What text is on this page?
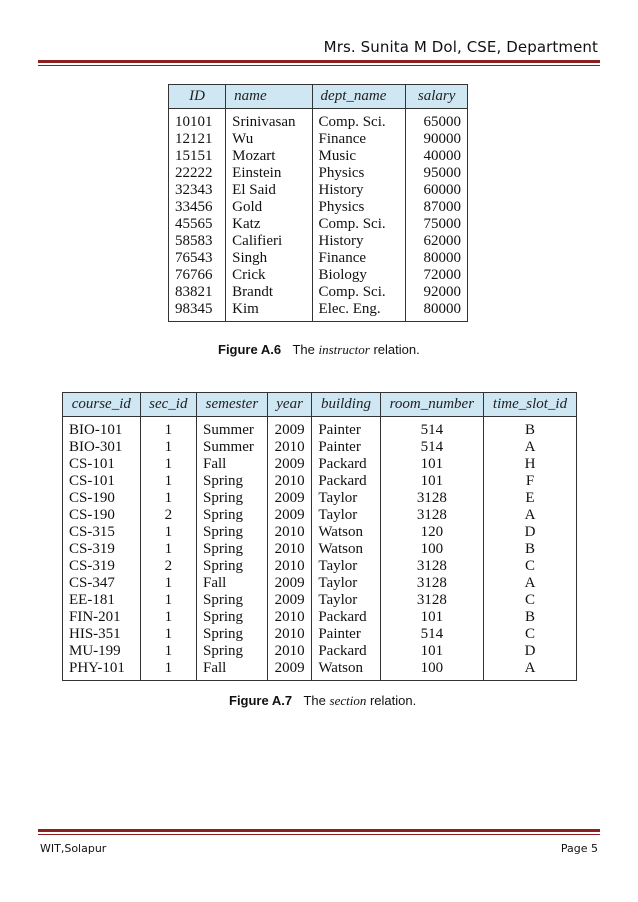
Mrs. Sunita M Dol, CSE, Department
ID	name	dept_name	salary

10101	Srinivasan	Comp. Sci.	65000
12121	Wu	Finance	90000
15151	Mozart	Music	40000
22222	Einstein	Physics	95000
32343	El Said	History	60000
33456	Gold	Physics	87000
45565	Katz	Comp. Sci.	75000
58583	Califieri	History	62000
76543	Singh	Finance	80000
76766	Crick	Biology	72000
83821	Brandt	Comp. Sci.	92000
98345	Kim	Elec. Eng.	80000
Figure A.6 The instructor relation.
course_id	sec_id	semester	year	building	room_number	time_slot_id

BIO-101	1	Summer	2009	Painter	514	B
BIO-301	1	Summer	2010	Painter	514	A
CS-101	1	Fall	2009	Packard	101	H
CS-101	1	Spring	2010	Packard	101	F
CS-190	1	Spring	2009	Taylor	3128	E
CS-190	2	Spring	2009	Taylor	3128	A
CS-315	1	Spring	2010	Watson	120	D
CS-319	1	Spring	2010	Watson	100	B
CS-319	2	Spring	2010	Taylor	3128	C
CS-347	1	Fall	2009	Taylor	3128	A
EE-181	1	Spring	2009	Taylor	3128	C
FIN-201	1	Spring	2010	Packard	101	B
HIS-351	1	Spring	2010	Painter	514	C
MU-199	1	Spring	2010	Packard	101	D
PHY-101	1	Fall	2009	Watson	100	A
Figure A.7 The section relation.
WIT,Solapur	Page 5
